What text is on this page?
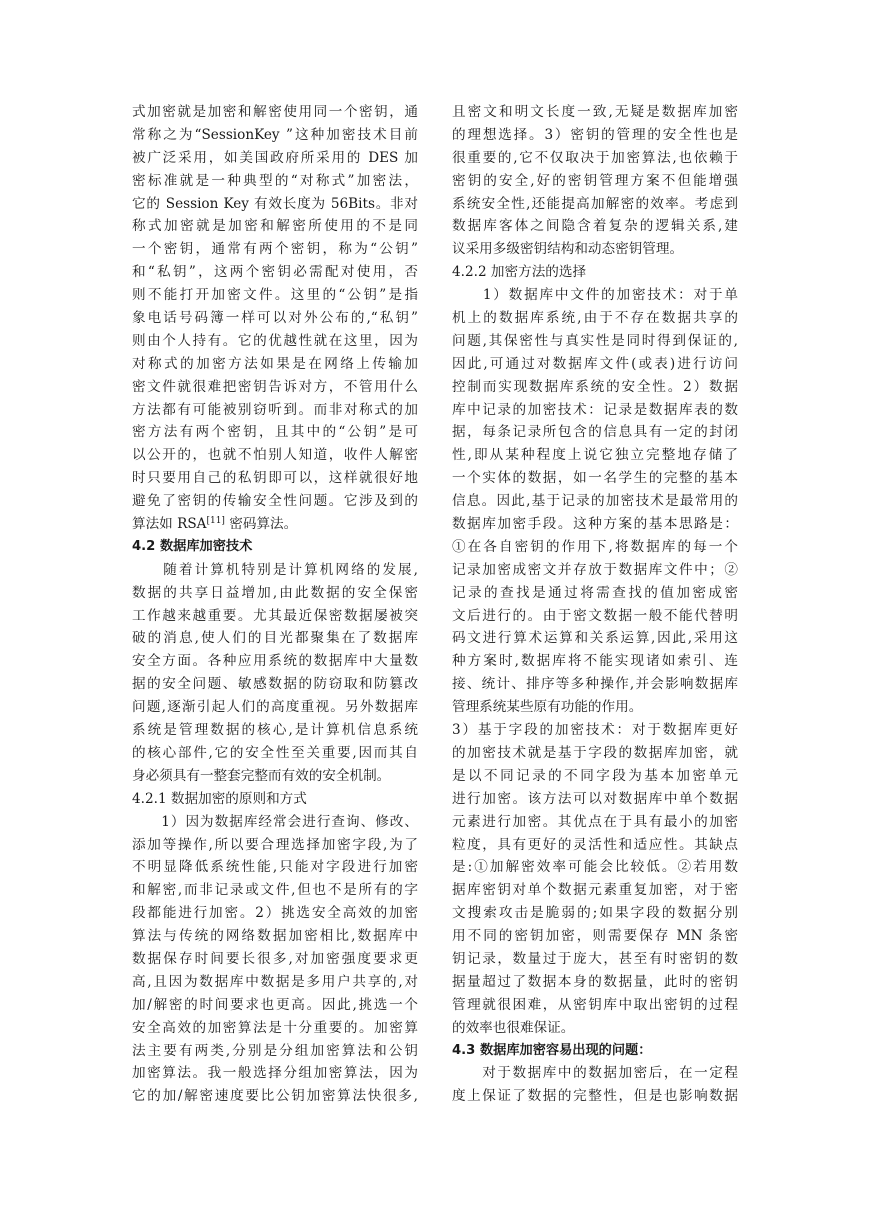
式加密就是加密和解密使用同一个密钥，通
常称之为“SessionKey ”这种加密技术目前
被广泛采用，如美国政府所采用的 DES 加
密标准就是一种典型的“对称式”加密法，
它的 Session Key 有效长度为 56Bits。非对
称式加密就是加密和解密所使用的不是同
一个密钥，通常有两个密钥，称为“公钥”
和“私钥”，这两个密钥必需配对使用，否
则不能打开加密文件。这里的“公钥”是指
象电话号码簿一样可以对外公布的,“私钥”
则由个人持有。它的优越性就在这里，因为
对称式的加密方法如果是在网络上传输加
密文件就很难把密钥告诉对方，不管用什么
方法都有可能被别窃听到。而非对称式的加
密方法有两个密钥，且其中的“公钥”是可
以公开的，也就不怕别人知道，收件人解密
时只要用自己的私钥即可以，这样就很好地
避免了密钥的传输安全性问题。它涉及到的
算法如 RSA[11] 密码算法。
4.2 数据库加密技术
　　随着计算机特别是计算机网络的发展,
数据的共享日益增加,由此数据的安全保密
工作越来越重要。尤其最近保密数据屡被突
破的消息,使人们的目光都聚集在了数据库
安全方面。各种应用系统的数据库中大量数
据的安全问题、敏感数据的防窃取和防篡改
问题,逐渐引起人们的高度重视。另外数据库
系统是管理数据的核心,是计算机信息系统
的核心部件,它的安全性至关重要,因而其自
身必须具有一整套完整而有效的安全机制。
4.2.1 数据加密的原则和方式
　　1）因为数据库经常会进行查询、修改、
添加等操作,所以要合理选择加密字段,为了
不明显降低系统性能,只能对字段进行加密
和解密,而非记录或文件,但也不是所有的字
段都能进行加密。2）挑选安全高效的加密
算法与传统的网络数据加密相比,数据库中
数据保存时间要长很多,对加密强度要求更
高,且因为数据库中数据是多用户共享的,对
加/解密的时间要求也更高。因此,挑选一个
安全高效的加密算法是十分重要的。加密算
法主要有两类,分别是分组加密算法和公钥
加密算法。我一般选择分组加密算法，因为
它的加/解密速度要比公钥加密算法快很多,
且密文和明文长度一致,无疑是数据库加密
的理想选择。3）密钥的管理的安全性也是
很重要的,它不仅取决于加密算法,也依赖于
密钥的安全,好的密钥管理方案不但能增强
系统安全性,还能提高加解密的效率。考虑到
数据库客体之间隐含着复杂的逻辑关系,建
议采用多级密钥结构和动态密钥管理。
4.2.2 加密方法的选择
　　1）数据库中文件的加密技术：对于单
机上的数据库系统,由于不存在数据共享的
问题,其保密性与真实性是同时得到保证的,
因此,可通过对数据库文件(或表)进行访问
控制而实现数据库系统的安全性。2）数据
库中记录的加密技术：记录是数据库表的数
据，每条记录所包含的信息具有一定的封闭
性,即从某种程度上说它独立完整地存储了
一个实体的数据，如一名学生的完整的基本
信息。因此,基于记录的加密技术是最常用的
数据库加密手段。这种方案的基本思路是：
①在各自密钥的作用下,将数据库的每一个
记录加密成密文并存放于数据库文件中；②
记录的查找是通过将需查找的值加密成密
文后进行的。由于密文数据一般不能代替明
码文进行算术运算和关系运算,因此,采用这
种方案时,数据库将不能实现诸如索引、连
接、统计、排序等多种操作,并会影响数据库
管理系统某些原有功能的作用。
3）基于字段的加密技术：对于数据库更好
的加密技术就是基于字段的数据库加密，就
是以不同记录的不同字段为基本加密单元
进行加密。该方法可以对数据库中单个数据
元素进行加密。其优点在于具有最小的加密
粒度，具有更好的灵活性和适应性。其缺点
是:①加解密效率可能会比较低。②若用数
据库密钥对单个数据元素重复加密，对于密
文搜索攻击是脆弱的;如果字段的数据分别
用不同的密钥加密，则需要保存 MN 条密
钥记录，数量过于庞大，甚至有时密钥的数
据量超过了数据本身的数据量，此时的密钥
管理就很困难，从密钥库中取出密钥的过程
的效率也很难保证。
4.3 数据库加密容易出现的问题：
　　对于数据库中的数据加密后，在一定程
度上保证了数据的完整性，但是也影响数据
